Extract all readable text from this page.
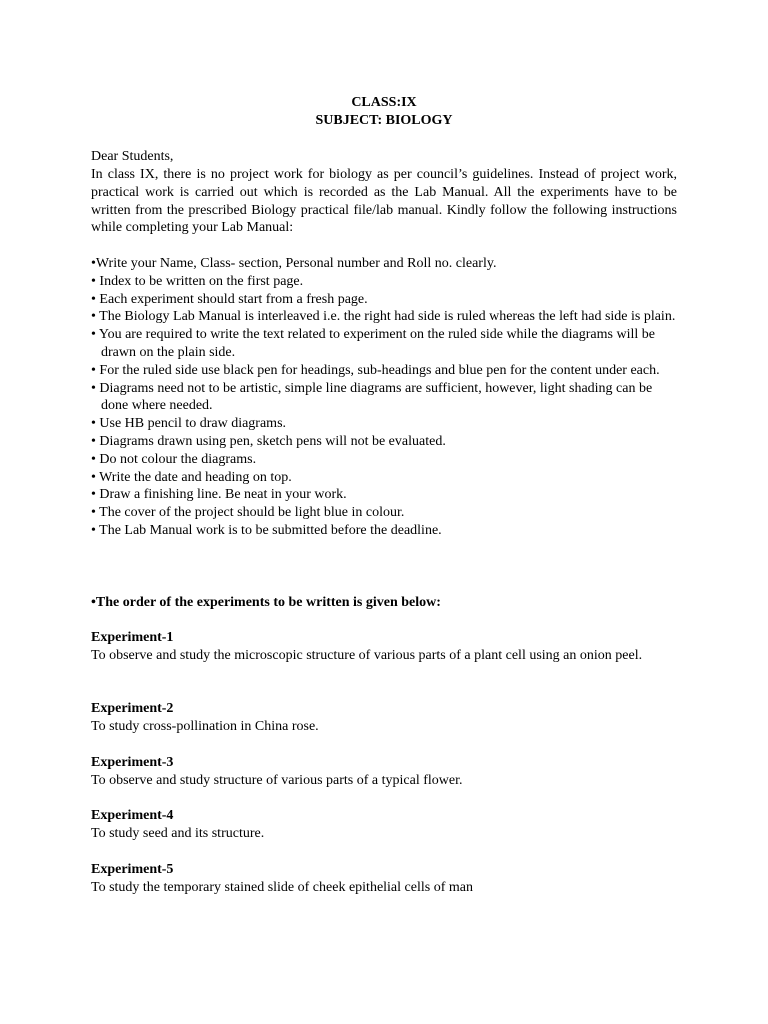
CLASS:IX
SUBJECT: BIOLOGY
Dear Students,
In class IX, there is no project work for biology as per council’s guidelines. Instead of project work, practical work is carried out which is recorded as the Lab Manual. All the experiments have to be written from the prescribed Biology practical file/lab manual. Kindly follow the following instructions while completing your Lab Manual:
•Write your Name, Class- section, Personal number and Roll no. clearly.
• Index to be written on the first page.
• Each experiment should start from a fresh page.
• The Biology Lab Manual is interleaved i.e. the right had side is ruled whereas the left had side is plain.
• You are required to write the text related to experiment on the ruled side while the diagrams will be drawn on the plain side.
• For the ruled side use black pen for headings, sub-headings and blue pen for the content under each.
• Diagrams need not to be artistic, simple line diagrams are sufficient, however, light shading can be done where needed.
• Use HB pencil to draw diagrams.
• Diagrams drawn using pen, sketch pens will not be evaluated.
• Do not colour the diagrams.
• Write the date and heading on top.
• Draw a finishing line. Be neat in your work.
• The cover of the project should be light blue in colour.
• The Lab Manual work is to be submitted before the deadline.
•The order of the experiments to be written is given below:
Experiment-1
To observe and study the microscopic structure of various parts of a plant cell using an onion peel.
Experiment-2
To study cross-pollination in China rose.
Experiment-3
To observe and study structure of various parts of a typical flower.
Experiment-4
To study seed and its structure.
Experiment-5
To study the temporary stained slide of cheek epithelial cells of man
